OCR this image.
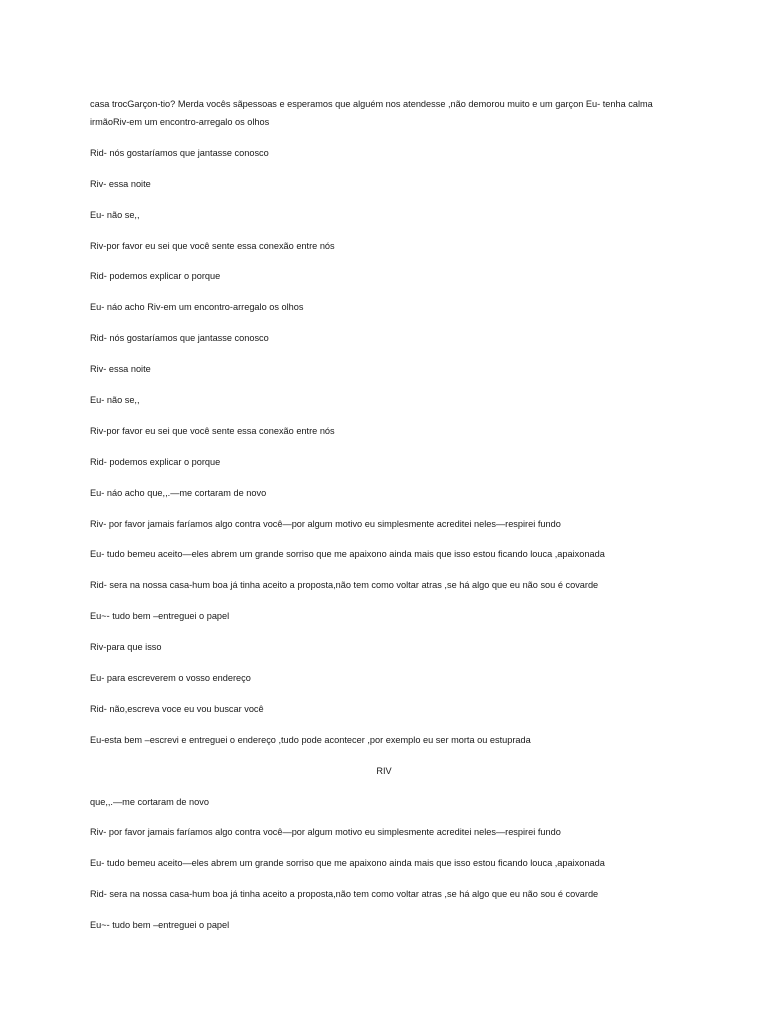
casa trocGarçon-tio? Merda vocês sãpessoas e esperamos que alguém nos atendesse ,não demorou muito e um garçon Eu- tenha calma irmãoRiv-em um encontro-arregalo os olhos

Rid- nós gostaríamos que jantasse conosco

Riv- essa noite

Eu- não se,,

Riv-por favor eu sei que você sente essa conexão entre nós

Rid- podemos explicar o porque

Eu- náo acho Riv-em um encontro-arregalo os olhos

Rid- nós gostaríamos que jantasse conosco

Riv- essa noite

Eu- não se,,

Riv-por favor eu sei que você sente essa conexão entre nós

Rid- podemos explicar o porque

Eu- náo acho que,,.—me cortaram de novo

Riv- por favor jamais faríamos algo contra você—por algum motivo eu simplesmente acreditei neles—respirei fundo

Eu- tudo bemeu aceito—eles abrem um grande sorriso que me apaixono ainda mais que isso estou ficando louca ,apaixonada

Rid- sera na nossa casa-hum boa já tinha aceito a proposta,não tem como voltar atras ,se há algo que eu não sou é covarde

Eu~- tudo bem –entreguei o papel

Riv-para que isso

Eu- para escreverem o vosso endereço

Rid- não,escreva voce eu vou buscar você

Eu-esta bem –escrevi e entreguei o endereço ,tudo pode acontecer ,por exemplo eu ser morta ou estuprada

RIV

que,,.—me cortaram de novo

Riv- por favor jamais faríamos algo contra você—por algum motivo eu simplesmente acreditei neles—respirei fundo

Eu- tudo bemeu aceito—eles abrem um grande sorriso que me apaixono ainda mais que isso estou ficando louca ,apaixonada

Rid- sera na nossa casa-hum boa já tinha aceito a proposta,não tem como voltar atras ,se há algo que eu não sou é covarde

Eu~- tudo bem –entreguei o papel
